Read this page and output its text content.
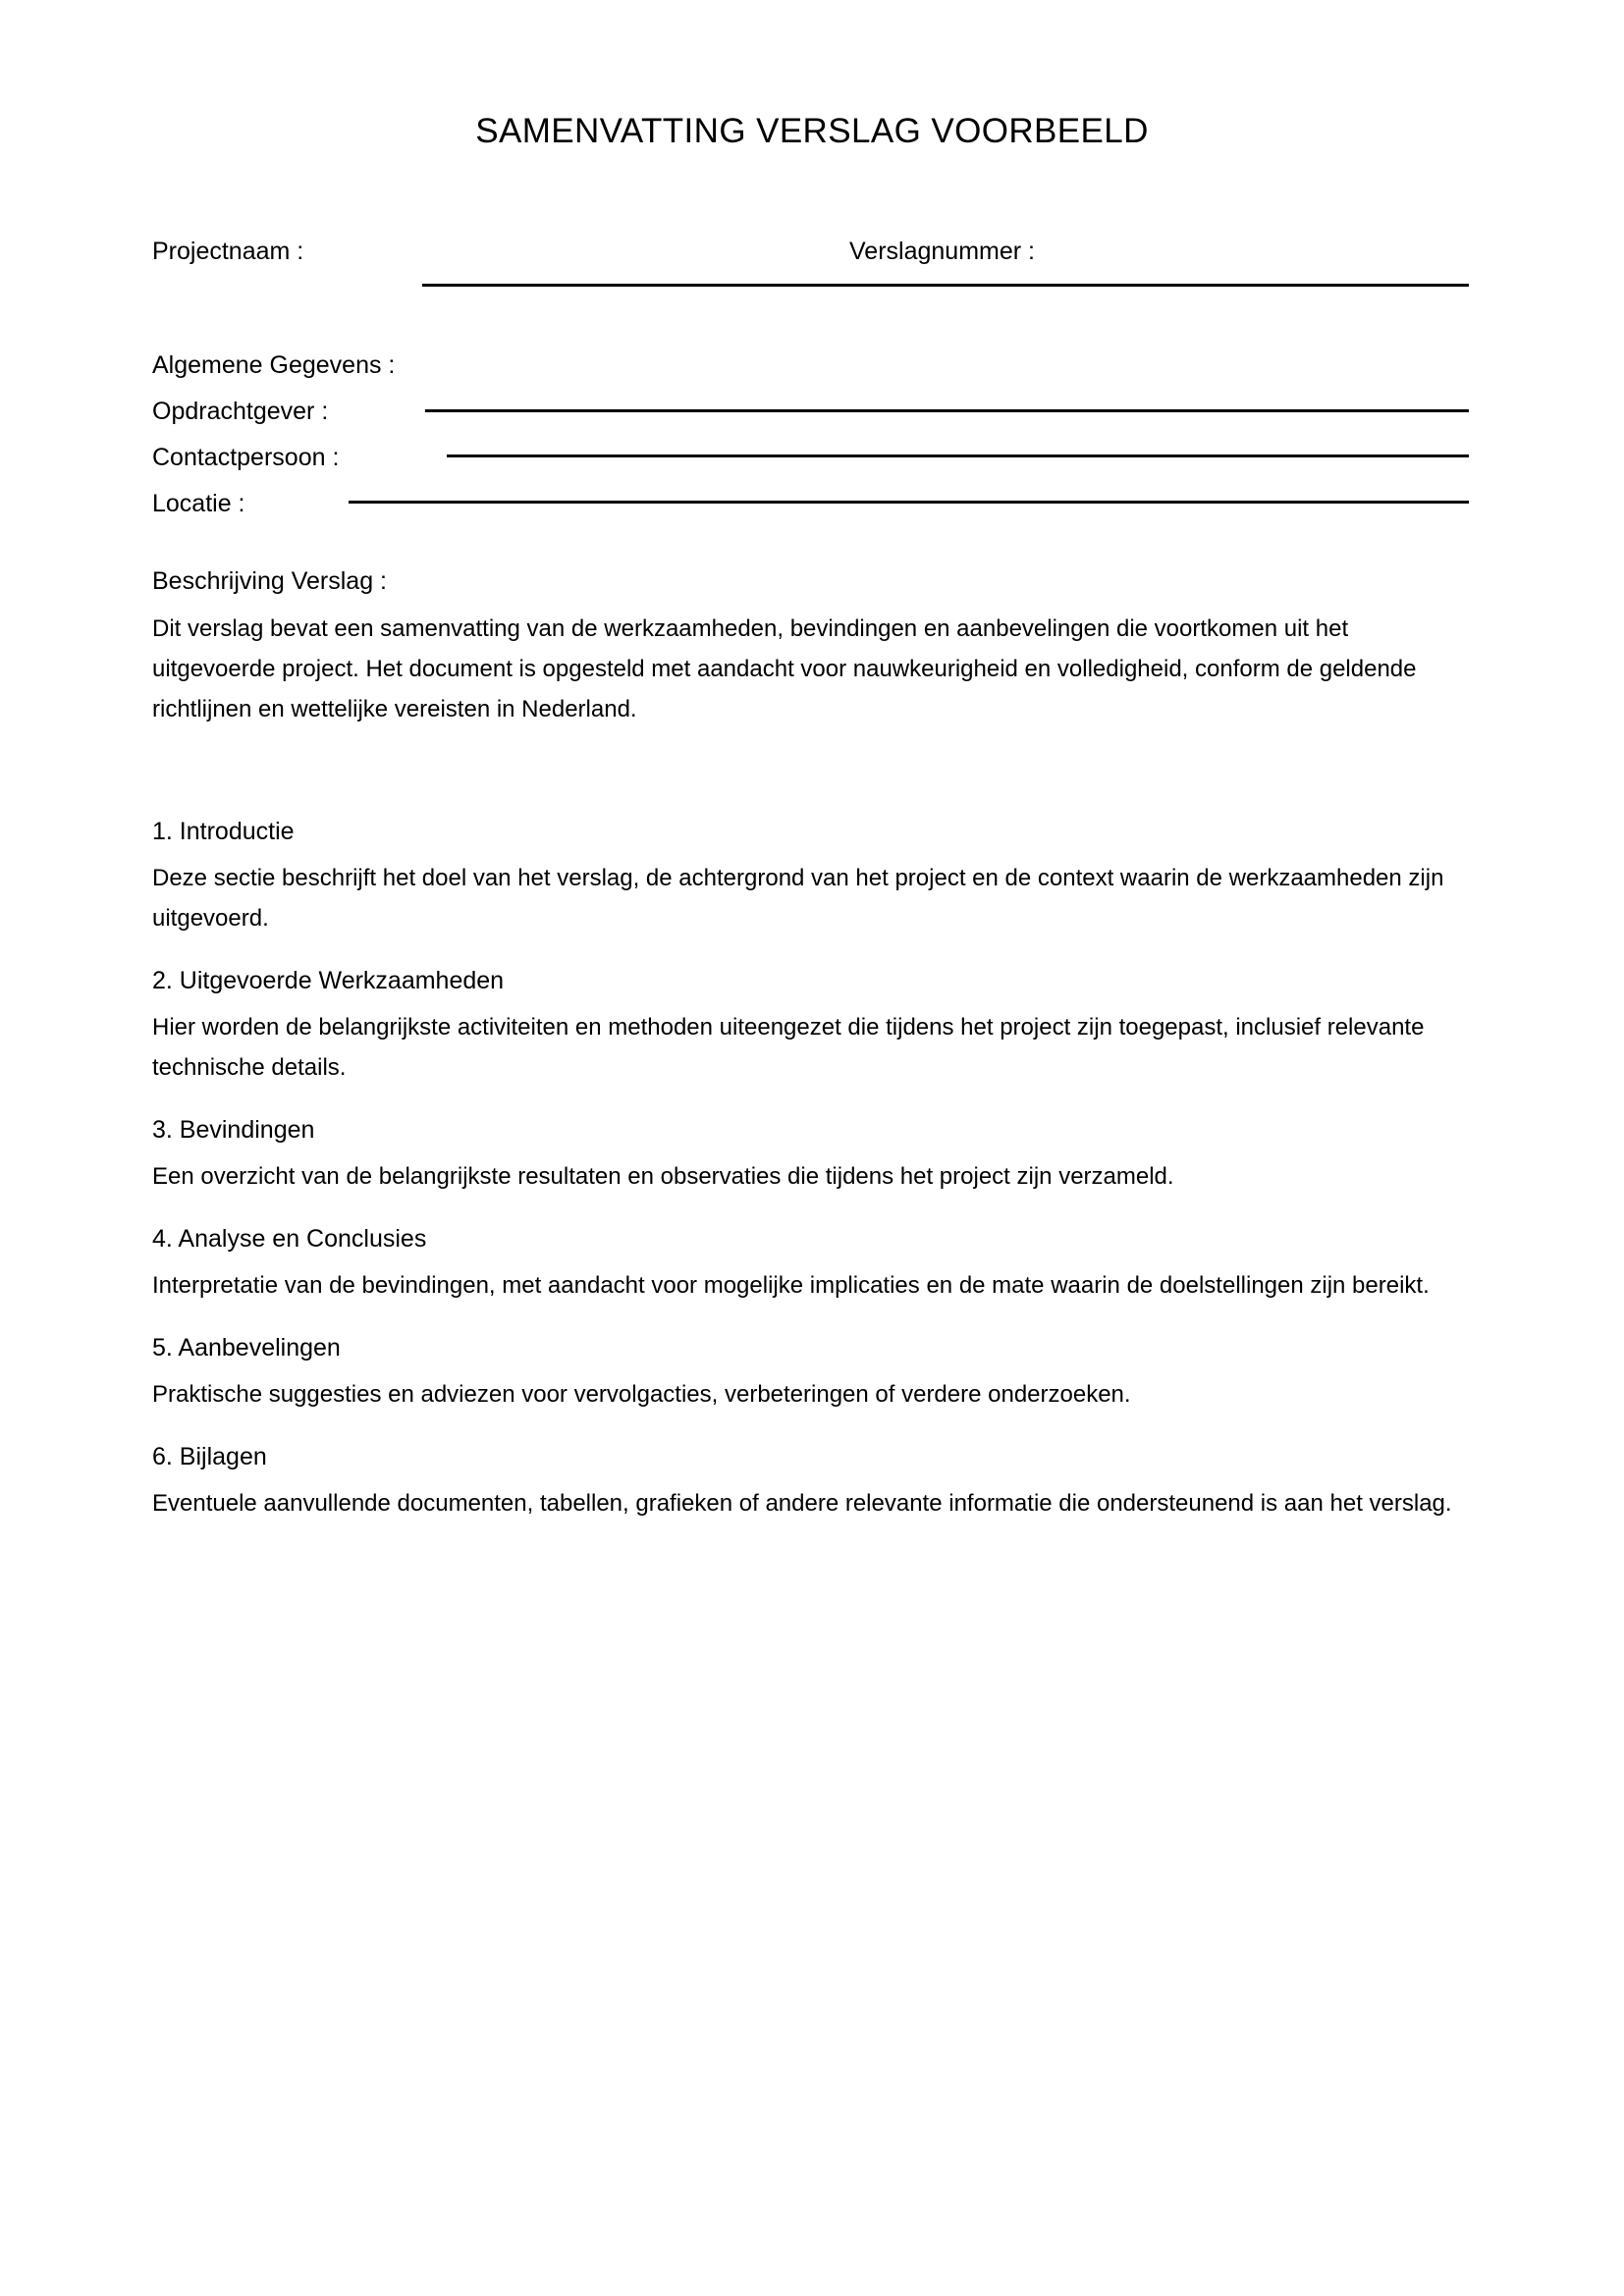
SAMENVATTING VERSLAG VOORBEELD
Projectnaam :	Verslagnummer :
Algemene Gegevens :
Opdrachtgever :
Contactpersoon :
Locatie :
Beschrijving Verslag :
Dit verslag bevat een samenvatting van de werkzaamheden, bevindingen en aanbevelingen die voortkomen uit het uitgevoerde project. Het document is opgesteld met aandacht voor nauwkeurigheid en volledigheid, conform de geldende richtlijnen en wettelijke vereisten in Nederland.
1. Introductie
Deze sectie beschrijft het doel van het verslag, de achtergrond van het project en de context waarin de werkzaamheden zijn uitgevoerd.
2. Uitgevoerde Werkzaamheden
Hier worden de belangrijkste activiteiten en methoden uiteengezet die tijdens het project zijn toegepast, inclusief relevante technische details.
3. Bevindingen
Een overzicht van de belangrijkste resultaten en observaties die tijdens het project zijn verzameld.
4. Analyse en Conclusies
Interpretatie van de bevindingen, met aandacht voor mogelijke implicaties en de mate waarin de doelstellingen zijn bereikt.
5. Aanbevelingen
Praktische suggesties en adviezen voor vervolgacties, verbeteringen of verdere onderzoeken.
6. Bijlagen
Eventuele aanvullende documenten, tabellen, grafieken of andere relevante informatie die ondersteunend is aan het verslag.
